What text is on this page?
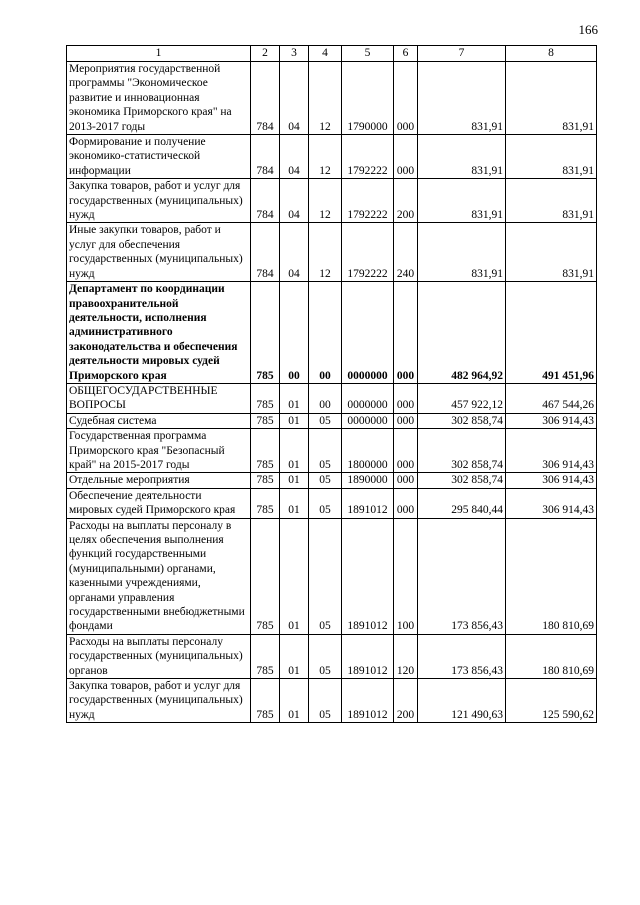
166
1	2	3	4	5	6	7	8
Мероприятия государственной программы "Экономическое развитие и инновационная экономика Приморского края" на 2013-2017 годы	784	04	12	1790000	000	831,91	831,91
Формирование и получение экономико-статистической информации	784	04	12	1792222	000	831,91	831,91
Закупка товаров, работ и услуг для государственных (муниципальных) нужд	784	04	12	1792222	200	831,91	831,91
Иные закупки товаров, работ и услуг для обеспечения государственных (муниципальных) нужд	784	04	12	1792222	240	831,91	831,91
Департамент по координации правоохранительной деятельности, исполнения административного законодательства и обеспечения деятельности мировых судей Приморского края	785	00	00	0000000	000	482 964,92	491 451,96
ОБЩЕГОСУДАРСТВЕННЫЕ ВОПРОСЫ	785	01	00	0000000	000	457 922,12	467 544,26
Судебная система	785	01	05	0000000	000	302 858,74	306 914,43
Государственная программа Приморского края "Безопасный край" на 2015-2017 годы	785	01	05	1800000	000	302 858,74	306 914,43
Отдельные мероприятия	785	01	05	1890000	000	302 858,74	306 914,43
Обеспечение деятельности мировых судей Приморского края	785	01	05	1891012	000	295 840,44	306 914,43
Расходы на выплаты персоналу в целях обеспечения выполнения функций государственными (муниципальными) органами, казенными учреждениями, органами управления государственными внебюджетными фондами	785	01	05	1891012	100	173 856,43	180 810,69
Расходы на выплаты персоналу государственных (муниципальных) органов	785	01	05	1891012	120	173 856,43	180 810,69
Закупка товаров, работ и услуг для государственных (муниципальных) нужд	785	01	05	1891012	200	121 490,63	125 590,62
